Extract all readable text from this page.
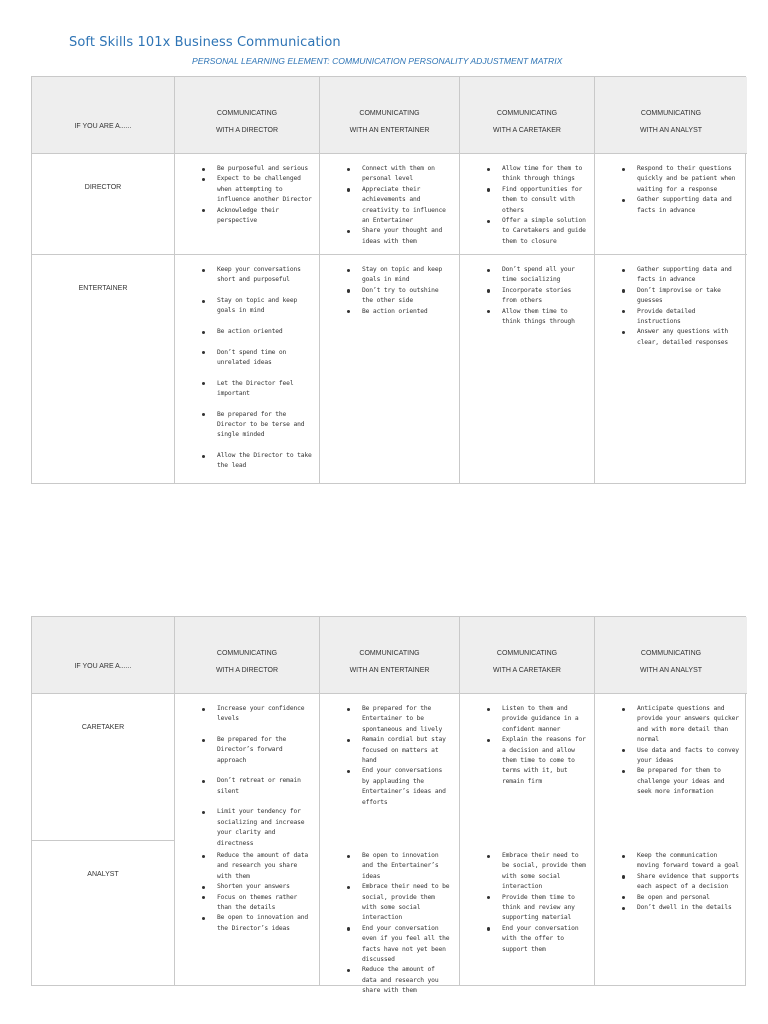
Soft Skills 101x Business Communication
PERSONAL LEARNING ELEMENT: COMMUNICATION PERSONALITY ADJUSTMENT MATRIX
IF YOU ARE A......
COMMUNICATING
WITH A DIRECTOR
COMMUNICATING
WITH AN ENTERTAINER
COMMUNICATING
WITH A CARETAKER
COMMUNICATING
WITH AN ANALYST
DIRECTOR
Be purposeful and serious
Expect to be challenged when attempting to influence another Director
Acknowledge their perspective
Connect with them on personal level
Appreciate their achievements and creativity to influence an Entertainer
Share your thought and ideas with them
Allow time for them to think through things
Find opportunities for them to consult with others
Offer a simple solution to Caretakers and guide them to closure
Respond to their questions quickly and be patient when waiting for a response
Gather supporting data and facts in advance
ENTERTAINER
Keep your conversations short and purposeful
Stay on topic and keep goals in mind
Be action oriented
Don’t spend time on unrelated ideas
Let the Director feel important
Be prepared for the Director to be terse and single minded
Allow the Director to take the lead
Stay on topic and keep goals in mind
Don’t try to outshine the other side
Be action oriented
Don’t spend all your time socializing
Incorporate stories from others
Allow them time to think things through
Gather supporting data and facts in advance
Don’t improvise or take guesses
Provide detailed instructions
Answer any questions with clear, detailed responses
IF YOU ARE A......
COMMUNICATING
WITH A DIRECTOR
COMMUNICATING
WITH AN ENTERTAINER
COMMUNICATING
WITH A CARETAKER
COMMUNICATING
WITH AN ANALYST
CARETAKER
Increase your confidence levels
Be prepared for the Director’s forward approach
Don’t retreat or remain silent
Limit your tendency for socializing and increase your clarity and directness
Be prepared for the Entertainer to be spontaneous and lively
Remain cordial but stay focused on matters at hand
End your conversations by applauding the Entertainer’s ideas and efforts
Listen to them and provide guidance in a confident manner
Explain the reasons for a decision and allow them time to come to terms with it, but remain firm
Anticipate questions and provide your answers quicker and with more detail than normal
Use data and facts to convey your ideas
Be prepared for them to challenge your ideas and seek more information
ANALYST
Reduce the amount of data and research you share with them
Shorten your answers
Focus on themes rather than the details
Be open to innovation and the Director’s ideas
Be open to innovation and the Entertainer’s ideas
Embrace their need to be social, provide them with some social interaction
End your conversation even if you feel all the facts have not yet been discussed
Reduce the amount of data and research you share with them
Embrace their need to be social, provide them with some social interaction
Provide them time to think and review any supporting material
End your conversation with the offer to support them
Keep the communication moving forward toward a goal
Share evidence that supports each aspect of a decision
Be open and personal
Don’t dwell in the details
